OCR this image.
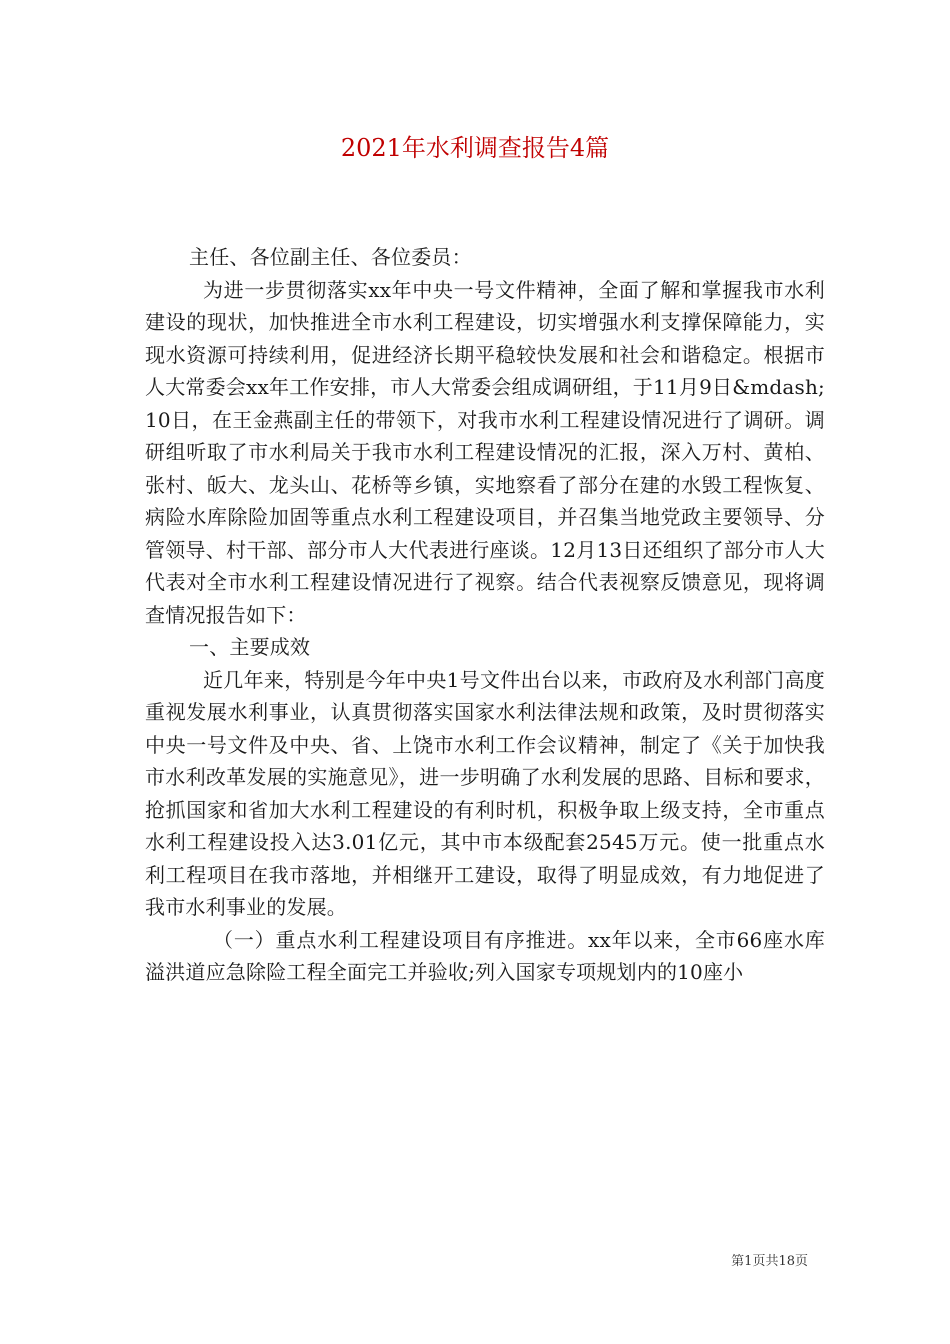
2021年水利调查报告4篇

主任、各位副主任、各位委员：

为进一步贯彻落实xx年中央一号文件精神，全面了解和掌握我市水利建设的现状，加快推进全市水利工程建设，切实增强水利支撑保障能力，实现水资源可持续利用，促进经济长期平稳较快发展和社会和谐稳定。根据市人大常委会xx年工作安排，市人大常委会组成调研组，于11月9日&mdash;10日，在王金燕副主任的带领下，对我市水利工程建设情况进行了调研。调研组听取了市水利局关于我市水利工程建设情况的汇报，深入万村、黄柏、张村、皈大、龙头山、花桥等乡镇，实地察看了部分在建的水毁工程恢复、病险水库除险加固等重点水利工程建设项目，并召集当地党政主要领导、分管领导、村干部、部分市人大代表进行座谈。12月13日还组织了部分市人大代表对全市水利工程建设情况进行了视察。结合代表视察反馈意见，现将调查情况报告如下：

一、主要成效

近几年来，特别是今年中央1号文件出台以来，市政府及水利部门高度重视发展水利事业，认真贯彻落实国家水利法律法规和政策，及时贯彻落实中央一号文件及中央、省、上饶市水利工作会议精神，制定了《关于加快我市水利改革发展的实施意见》，进一步明确了水利发展的思路、目标和要求，抢抓国家和省加大水利工程建设的有利时机，积极争取上级支持，全市重点水利工程建设投入达3.01亿元，其中市本级配套2545万元。使一批重点水利工程项目在我市落地，并相继开工建设，取得了明显成效，有力地促进了我市水利事业的发展。

（一）重点水利工程建设项目有序推进。xx年以来，全市66座水库溢洪道应急除险工程全面完工并验收;列入国家专项规划内的10座小

第1页共18页
